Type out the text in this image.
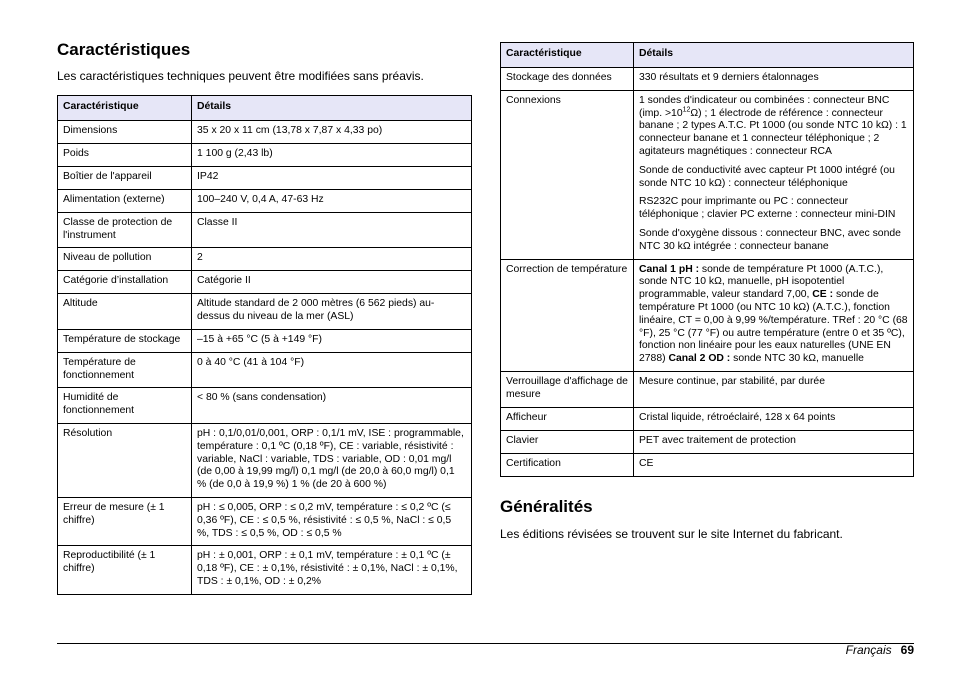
Caractéristiques
Les caractéristiques techniques peuvent être modifiées sans préavis.
Caractéristique	Détails
Dimensions	35 x 20 x 11 cm (13,78 x 7,87 x 4,33 po)
Poids	1 100 g (2,43 lb)
Boîtier de l'appareil	IP42
Alimentation (externe)	100–240 V, 0,4 A, 47-63 Hz
Classe de protection de l'instrument	Classe II
Niveau de pollution	2
Catégorie d’installation	Catégorie II
Altitude	Altitude standard de 2 000 mètres (6 562 pieds) au-dessus du niveau de la mer (ASL)
Température de stockage	–15 à +65 °C (5 à +149 °F)
Température de fonctionnement	0 à 40 °C (41 à 104 °F)
Humidité de fonctionnement	< 80 % (sans condensation)
Résolution	pH : 0,1/0,01/0,001, ORP : 0,1/1 mV, ISE : programmable, température : 0,1 ºC (0,18 ºF), CE : variable, résistivité : variable, NaCl : variable, TDS : variable, OD : 0,01 mg/l (de 0,00 à 19,99 mg/l) 0,1 mg/l (de 20,0 à 60,0 mg/l) 0,1 % (de 0,0 à 19,9 %) 1 % (de 20 à 600 %)
Erreur de mesure (± 1 chiffre)	pH : ≤ 0,005, ORP : ≤ 0,2 mV, température : ≤ 0,2 ºC (≤ 0,36 ºF), CE : ≤ 0,5 %, résistivité : ≤ 0,5 %, NaCl : ≤ 0,5 %, TDS : ≤ 0,5 %, OD : ≤ 0,5 %
Reproductibilité (± 1 chiffre)	pH : ± 0,001, ORP : ± 0,1 mV, température : ± 0,1 ºC (± 0,18 ºF), CE : ± 0,1%, résistivité : ± 0,1%, NaCl : ± 0,1%, TDS : ± 0,1%, OD : ± 0,2%
Caractéristique	Détails
Stockage des données	330 résultats et 9 derniers étalonnages
Connexions	1 sondes d'indicateur ou combinées : connecteur BNC (imp. $>10^{12}\Omega$) ; 1 électrode de référence : connecteur banane ; 2 types A.T.C. Pt 1000 (ou sonde NTC 10 kΩ) : 1 connecteur banane et 1 connecteur téléphonique ; 2 agitateurs magnétiques : connecteur RCA

Sonde de conductivité avec capteur Pt 1000 intégré (ou sonde NTC 10 kΩ) : connecteur téléphonique

RS232C pour imprimante ou PC : connecteur téléphonique ; clavier PC externe : connecteur mini-DIN

Sonde d'oxygène dissous : connecteur BNC, avec sonde NTC 30 kΩ intégrée : connecteur banane

Correction de température	Canal 1 pH : sonde de température Pt 1000 (A.T.C.), sonde NTC 10 kΩ, manuelle, pH isopotentiel programmable, valeur standard 7,00, CE : sonde de température Pt 1000 (ou NTC 10 kΩ) (A.T.C.), fonction linéaire, CT = 0,00 à 9,99 %/température. TRef : 20 °C (68 °F), 25 °C (77 °F) ou autre température (entre 0 et 35 ºC), fonction non linéaire pour les eaux naturelles (UNE EN 2788) Canal 2 OD : sonde NTC 30 kΩ, manuelle
Verrouillage d'affichage de mesure	Mesure continue, par stabilité, par durée
Afficheur	Cristal liquide, rétroéclairé, 128 x 64 points
Clavier	PET avec traitement de protection
Certification	CE
Généralités
Les éditions révisées se trouvent sur le site Internet du fabricant.
Français 69
